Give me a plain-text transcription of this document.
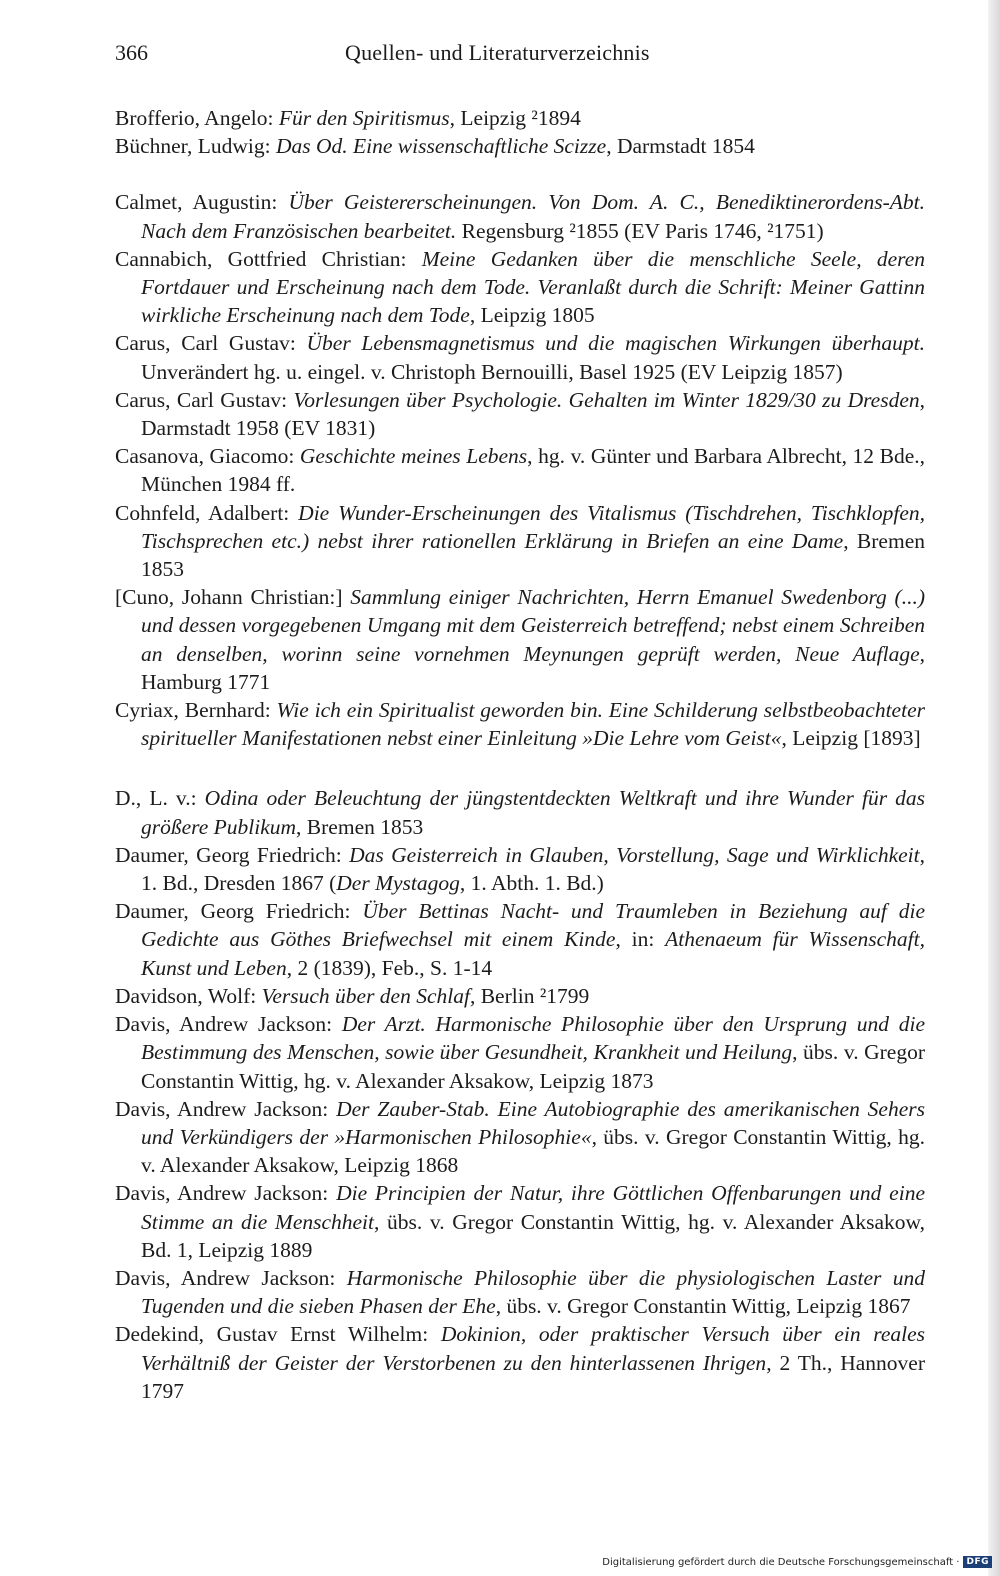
366	Quellen- und Literaturverzeichnis
Brofferio, Angelo: Für den Spiritismus, Leipzig ²1894
Büchner, Ludwig: Das Od. Eine wissenschaftliche Scizze, Darmstadt 1854
Calmet, Augustin: Über Geistererscheinungen. Von Dom. A. C., Benediktinerordens-Abt. Nach dem Französischen bearbeitet. Regensburg ²1855 (EV Paris 1746, ²1751)
Cannabich, Gottfried Christian: Meine Gedanken über die menschliche Seele, deren Fortdauer und Erscheinung nach dem Tode. Veranlaßt durch die Schrift: Meiner Gattinn wirkliche Erscheinung nach dem Tode, Leipzig 1805
Carus, Carl Gustav: Über Lebensmagnetismus und die magischen Wirkungen überhaupt. Unverändert hg. u. eingel. v. Christoph Bernouilli, Basel 1925 (EV Leipzig 1857)
Carus, Carl Gustav: Vorlesungen über Psychologie. Gehalten im Winter 1829/30 zu Dresden, Darmstadt 1958 (EV 1831)
Casanova, Giacomo: Geschichte meines Lebens, hg. v. Günter und Barbara Albrecht, 12 Bde., München 1984 ff.
Cohnfeld, Adalbert: Die Wunder-Erscheinungen des Vitalismus (Tischdrehen, Tischklopfen, Tischsprechen etc.) nebst ihrer rationellen Erklärung in Briefen an eine Dame, Bremen 1853
[Cuno, Johann Christian:] Sammlung einiger Nachrichten, Herrn Emanuel Swedenborg (...) und dessen vorgegebenen Umgang mit dem Geisterreich betreffend; nebst einem Schreiben an denselben, worinn seine vornehmen Meynungen geprüft werden, Neue Auflage, Hamburg 1771
Cyriax, Bernhard: Wie ich ein Spiritualist geworden bin. Eine Schilderung selbstbeobachteter spiritueller Manifestationen nebst einer Einleitung »Die Lehre vom Geist«, Leipzig [1893]
D., L. v.: Odina oder Beleuchtung der jüngstentdeckten Weltkraft und ihre Wunder für das größere Publikum, Bremen 1853
Daumer, Georg Friedrich: Das Geisterreich in Glauben, Vorstellung, Sage und Wirklichkeit, 1. Bd., Dresden 1867 (Der Mystagog, 1. Abth. 1. Bd.)
Daumer, Georg Friedrich: Über Bettinas Nacht- und Traumleben in Beziehung auf die Gedichte aus Göthes Briefwechsel mit einem Kinde, in: Athenaeum für Wissenschaft, Kunst und Leben, 2 (1839), Feb., S. 1-14
Davidson, Wolf: Versuch über den Schlaf, Berlin ²1799
Davis, Andrew Jackson: Der Arzt. Harmonische Philosophie über den Ursprung und die Bestimmung des Menschen, sowie über Gesundheit, Krankheit und Heilung, übs. v. Gregor Constantin Wittig, hg. v. Alexander Aksakow, Leipzig 1873
Davis, Andrew Jackson: Der Zauber-Stab. Eine Autobiographie des amerikanischen Sehers und Verkündigers der »Harmonischen Philosophie«, übs. v. Gregor Constantin Wittig, hg. v. Alexander Aksakow, Leipzig 1868
Davis, Andrew Jackson: Die Principien der Natur, ihre Göttlichen Offenbarungen und eine Stimme an die Menschheit, übs. v. Gregor Constantin Wittig, hg. v. Alexander Aksakow, Bd. 1, Leipzig 1889
Davis, Andrew Jackson: Harmonische Philosophie über die physiologischen Laster und Tugenden und die sieben Phasen der Ehe, übs. v. Gregor Constantin Wittig, Leipzig 1867
Dedekind, Gustav Ernst Wilhelm: Dokinion, oder praktischer Versuch über ein reales Verhältniß der Geister der Verstorbenen zu den hinterlassenen Ihrigen, 2 Th., Hannover 1797
Digitalisierung gefördert durch die Deutsche Forschungsgemeinschaft · DFG
